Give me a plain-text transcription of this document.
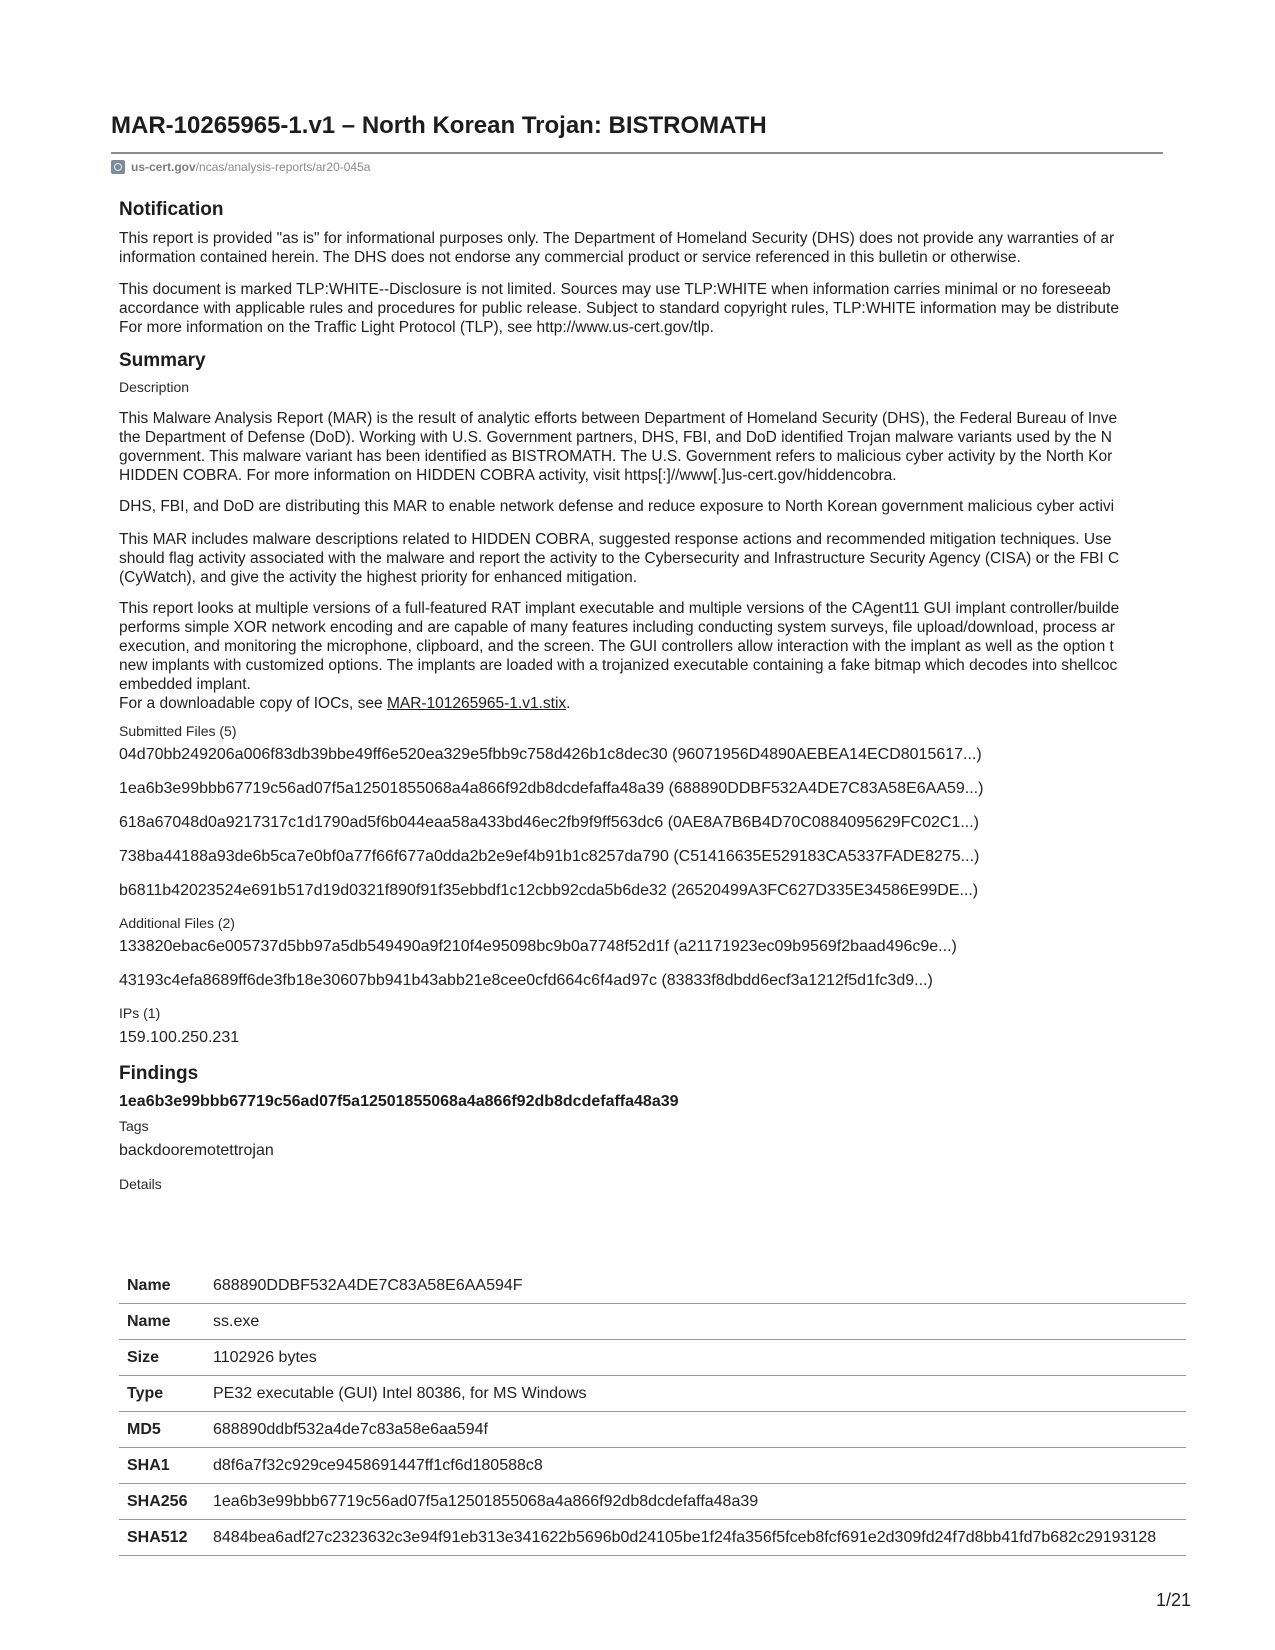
MAR-10265965-1.v1 – North Korean Trojan: BISTROMATH
us-cert.gov /ncas/analysis-reports/ar20-045a
Notification
This report is provided "as is" for informational purposes only. The Department of Homeland Security (DHS) does not provide any warranties of ar
information contained herein. The DHS does not endorse any commercial product or service referenced in this bulletin or otherwise.
This document is marked TLP:WHITE--Disclosure is not limited. Sources may use TLP:WHITE when information carries minimal or no foreseeab
accordance with applicable rules and procedures for public release. Subject to standard copyright rules, TLP:WHITE information may be distribute
For more information on the Traffic Light Protocol (TLP), see http://www.us-cert.gov/tlp.
Summary
Description
This Malware Analysis Report (MAR) is the result of analytic efforts between Department of Homeland Security (DHS), the Federal Bureau of Inve
the Department of Defense (DoD). Working with U.S. Government partners, DHS, FBI, and DoD identified Trojan malware variants used by the N
government. This malware variant has been identified as BISTROMATH. The U.S. Government refers to malicious cyber activity by the North Kor
HIDDEN COBRA. For more information on HIDDEN COBRA activity, visit https[:]//www[.]us-cert.gov/hiddencobra.
DHS, FBI, and DoD are distributing this MAR to enable network defense and reduce exposure to North Korean government malicious cyber activi
This MAR includes malware descriptions related to HIDDEN COBRA, suggested response actions and recommended mitigation techniques. Use
should flag activity associated with the malware and report the activity to the Cybersecurity and Infrastructure Security Agency (CISA) or the FBI C
(CyWatch), and give the activity the highest priority for enhanced mitigation.
This report looks at multiple versions of a full-featured RAT implant executable and multiple versions of the CAgent11 GUI implant controller/builde
performs simple XOR network encoding and are capable of many features including conducting system surveys, file upload/download, process ar
execution, and monitoring the microphone, clipboard, and the screen. The GUI controllers allow interaction with the implant as well as the option t
new implants with customized options. The implants are loaded with a trojanized executable containing a fake bitmap which decodes into shellcoc
embedded implant.
For a downloadable copy of IOCs, see MAR-101265965-1.v1.stix.
Submitted Files (5)
04d70bb249206a006f83db39bbe49ff6e520ea329e5fbb9c758d426b1c8dec30 (96071956D4890AEBEA14ECD8015617...)
1ea6b3e99bbb67719c56ad07f5a12501855068a4a866f92db8dcdefaffa48a39 (688890DDBF532A4DE7C83A58E6AA59...)
618a67048d0a9217317c1d1790ad5f6b044eaa58a433bd46ec2fb9f9ff563dc6 (0AE8A7B6B4D70C0884095629FC02C1...)
738ba44188a93de6b5ca7e0bf0a77f66f677a0dda2b2e9ef4b91b1c8257da790 (C51416635E529183CA5337FADE8275...)
b6811b42023524e691b517d19d0321f890f91f35ebbdf1c12cbb92cda5b6de32 (26520499A3FC627D335E34586E99DE...)
Additional Files (2)
133820ebac6e005737d5bb97a5db549490a9f210f4e95098bc9b0a7748f52d1f (a21171923ec09b9569f2baad496c9e...)
43193c4efa8689ff6de3fb18e30607bb941b43abb21e8cee0cfd664c6f4ad97c (83833f8dbdd6ecf3a1212f5d1fc3d9...)
IPs (1)
159.100.250.231
Findings
1ea6b3e99bbb67719c56ad07f5a12501855068a4a866f92db8dcdefaffa48a39
Tags
backdooremotettrojan
Details
Name	688890DDBF532A4DE7C83A58E6AA594F
Name	ss.exe
Size	1102926 bytes
Type	PE32 executable (GUI) Intel 80386, for MS Windows
MD5	688890ddbf532a4de7c83a58e6aa594f
SHA1	d8f6a7f32c929ce9458691447ff1cf6d180588c8
SHA256	1ea6b3e99bbb67719c56ad07f5a12501855068a4a866f92db8dcdefaffa48a39
SHA512	8484bea6adf27c2323632c3e94f91eb313e341622b5696b0d24105be1f24fa356f5fceb8fcf691e2d309fd24f7d8bb41fd7b682c29193128
1/21
